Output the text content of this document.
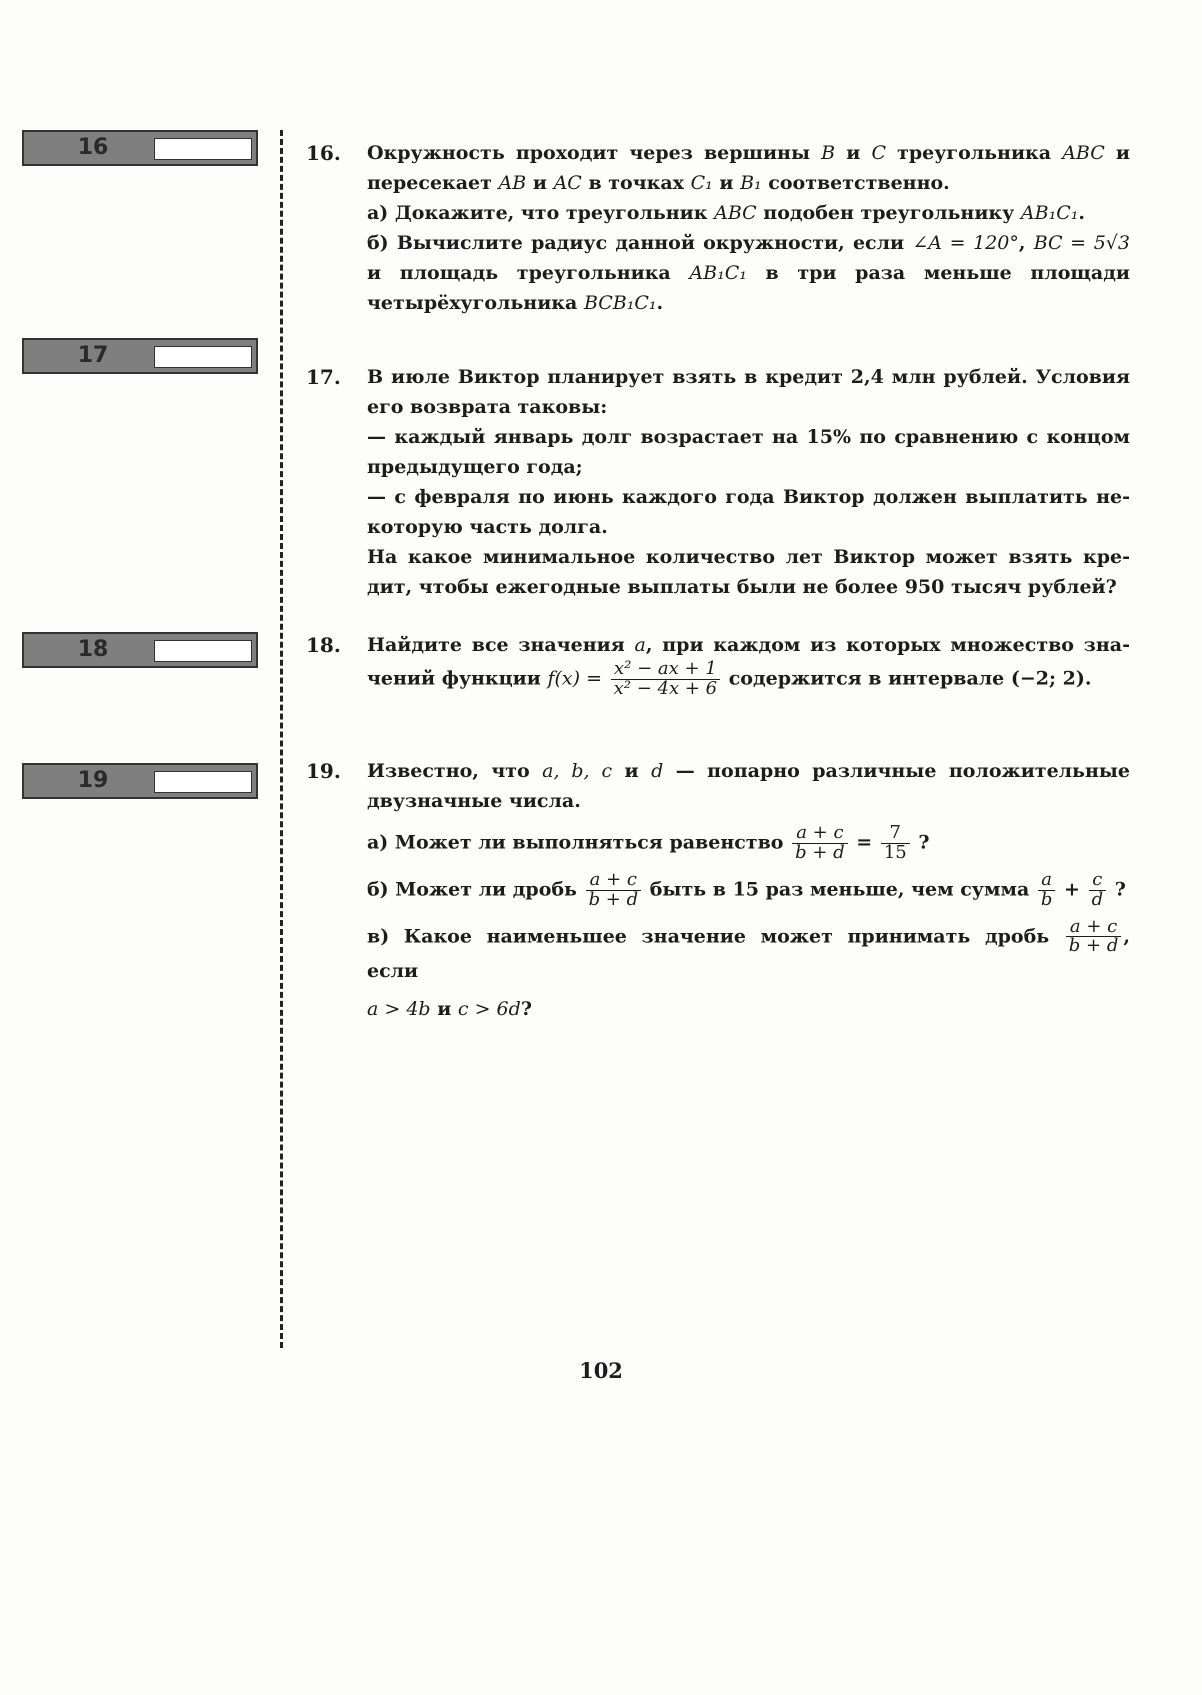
16
17
18
19
16. Окружность проходит через вершины B и C треугольника ABC и пересекает AB и AC в точках C₁ и B₁ соответственно.

а) Докажите, что треугольник ABC подобен треугольнику AB₁C₁.

б) Вычислите радиус данной окружности, если ∠A = 120°, BC = 5√3 и площадь треугольника AB₁C₁ в три раза меньше площади четырёхугольника BCB₁C₁.

17. В июле Виктор планирует взять в кредит 2,4 млн рублей. Условия его возврата таковы:

— каждый январь долг возрастает на 15% по сравнению с концом предыдущего года;

— с февраля по июнь каждого года Виктор должен выплатить некоторую часть долга.

На какое минимальное количество лет Виктор может взять кредит, чтобы ежегодные выплаты были не более 950 тысяч рублей?

18. Найдите все значения a, при каждом из которых множество значений функции $f(x) = \frac{\text{x² − ax + 1}}{\text{x² − 4x + 6}}$ содержится в интервале (−2; 2).

19. Известно, что a, b, c и d — попарно различные положительные двузначные числа.

а) Может ли выполняться равенство $\frac{a + c}{b + d} = \frac{7}{15}$ ?

б) Может ли дробь $\frac{a + c}{b + d}$ быть в 15 раз меньше, чем сумма $\frac{a}{b} + \frac{c}{d}$ ?

в) Какое наименьшее значение может принимать дробь $\frac{a + c}{b + d}$ , если

a > 4b и c > 6d?

102
